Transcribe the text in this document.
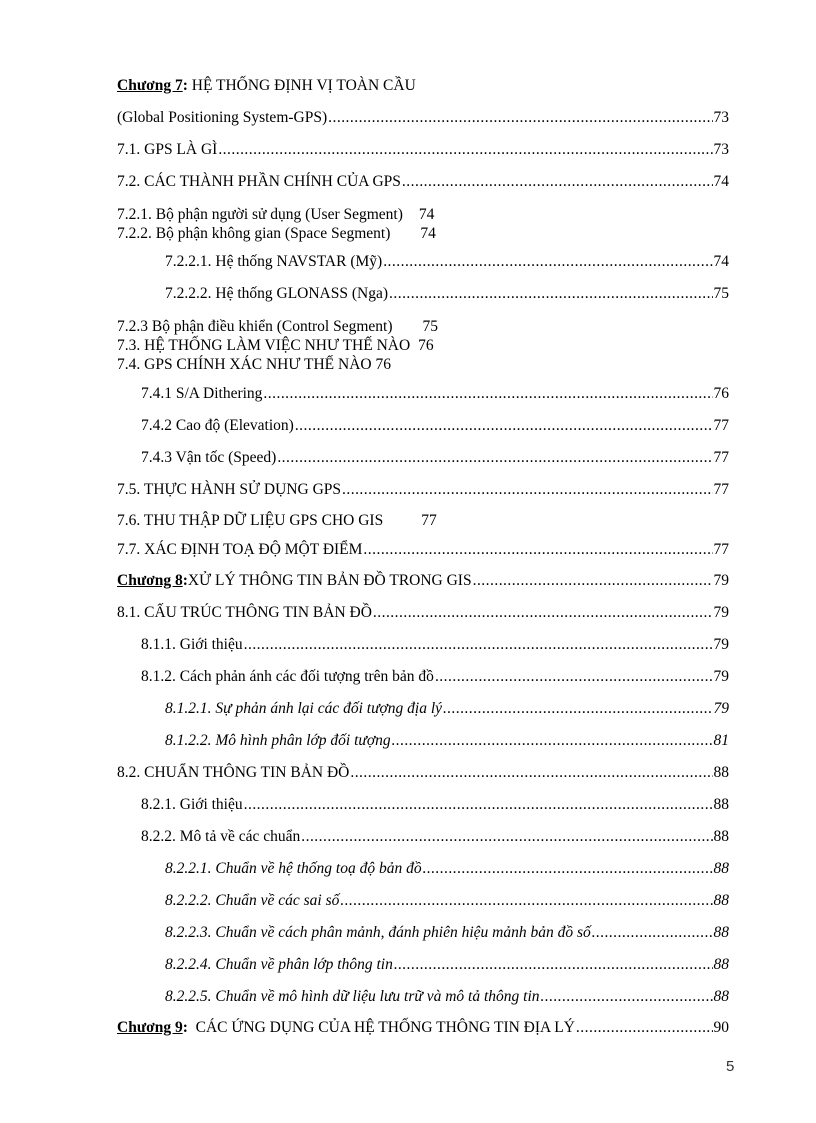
Chương 7: HỆ THỐNG ĐỊNH VỊ TOÀN CẦU
(Global Positioning System-GPS) . . .	73
7.1. GPS LÀ GÌ . . .	73
7.2. CÁC THÀNH PHẦN CHÍNH CỦA GPS . . .	74
7.2.1. Bộ phận người sử dụng (User Segment) 74
7.2.2. Bộ phận không gian (Space Segment) 74
7.2.2.1. Hệ thống NAVSTAR (Mỹ) . . .	74
7.2.2.2. Hệ thống GLONASS (Nga) . . .	75
7.2.3 Bộ phận điều khiển (Control Segment) 75
7.3. HỆ THỐNG LÀM VIỆC NHƯ THẾ NÀO 76
7.4. GPS CHÍNH XÁC NHƯ THẾ NÀO 76
7.4.1 S/A Dithering . . .	76
7.4.2 Cao độ (Elevation) . . .	77
7.4.3 Vận tốc (Speed) . . .	77
7.5. THỰC HÀNH SỬ DỤNG GPS . . .	77
7.6. THU THẬP DỮ LIỆU GPS CHO GIS 77
7.7. XÁC ĐỊNH TOẠ ĐỘ MỘT ĐIỂM . . .	77
Chương 8 : XỬ LÝ THÔNG TIN BẢN ĐỒ TRONG GIS . . .	79
8.1. CẤU TRÚC THÔNG TIN BẢN ĐỒ . . .	79
8.1.1. Giới thiệu . . .	79
8.1.2. Cách phản ánh các đối tượng trên bản đồ . . .	79
8.1.2.1. Sự phản ánh lại các đối tượng địa lý . . .	79
8.1.2.2. Mô hình phân lớp đối tượng . . .	81
8.2. CHUẨN THÔNG TIN BẢN ĐỒ . . .	88
8.2.1. Giới thiệu . . .	88
8.2.2. Mô tả về các chuẩn . . .	88
8.2.2.1. Chuẩn về hệ thống toạ độ bản đồ . . .	88
8.2.2.2. Chuẩn về các sai số . . .	88
8.2.2.3. Chuẩn về cách phân mảnh, đánh phiên hiệu mảnh bản đồ số . . .	88
8.2.2.4. Chuẩn về phân lớp thông tin . . .	88
8.2.2.5. Chuẩn về mô hình dữ liệu lưu trữ và mô tả thông tin . . .	88
Chương 9 : CÁC ỨNG DỤNG CỦA HỆ THỐNG THÔNG TIN ĐỊA LÝ . . .	90
5
